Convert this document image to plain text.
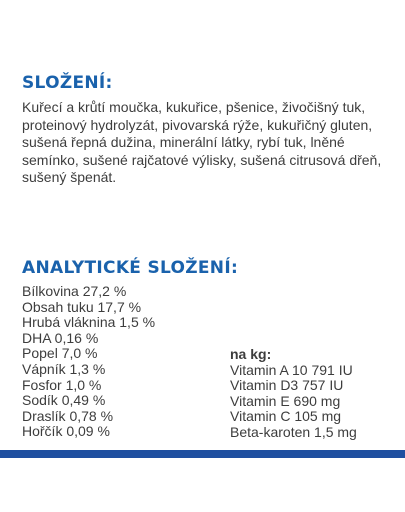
SLOŽENÍ:

Kuřecí a krůtí moučka, kukuřice, pšenice, živočišný tuk, proteinový hydrolyzát, pivovarská rýže, kukuřičný gluten, sušená řepná dužina, minerální látky, rybí tuk, lněné semínko, sušené rajčatové výlisky, sušená citrusová dřeň, sušený špenát.

ANALYTICKÉ SLOŽENÍ:
Bílkovina 27,2 %
Obsah tuku 17,7 %
Hrubá vláknina 1,5 %
DHA 0,16 %
Popel 7,0 %
Vápník 1,3 %
Fosfor 1,0 %
Sodík 0,49 %
Draslík 0,78 %
Hořčík 0,09 %

na kg:

Vitamin A 10 791 IU
Vitamin D3 757 IU
Vitamin E 690 mg
Vitamin C 105 mg
Beta-karoten 1,5 mg
